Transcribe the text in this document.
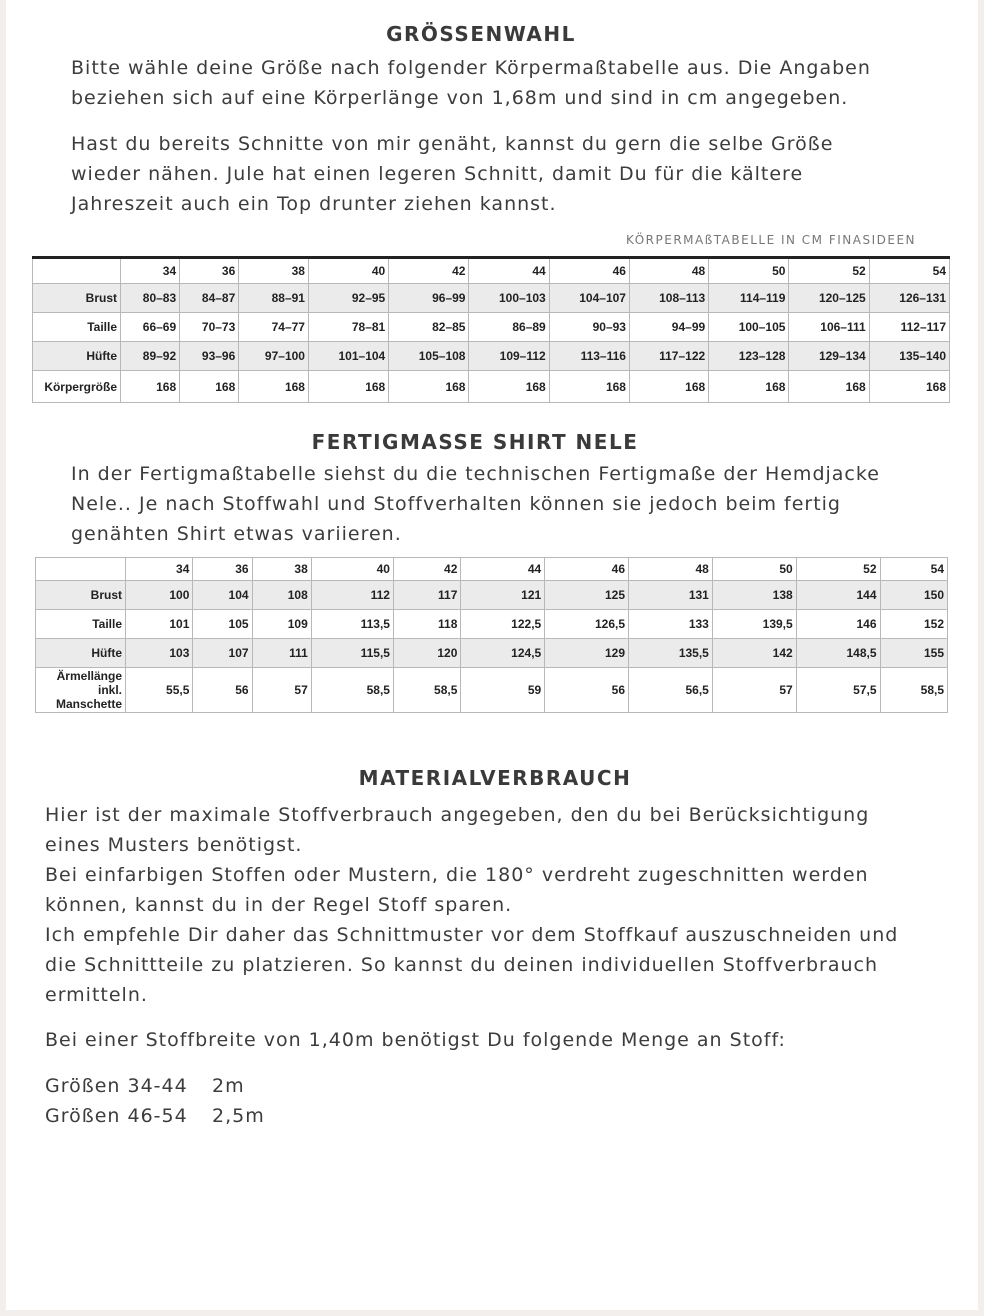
GRÖSSENWAHL

Bitte wähle deine Größe nach folgender Körpermaßtabelle aus. Die Angaben
beziehen sich auf eine Körperlänge von 1,68m und sind in cm angegeben.

Hast du bereits Schnitte von mir genäht, kannst du gern die selbe Größe
wieder nähen. Jule hat einen legeren Schnitt, damit Du für die kältere
Jahreszeit auch ein Top drunter ziehen kannst.

KÖRPERMAßTABELLE IN CM FINASIDEEN
	34	36	38	40	42	44	46	48	50	52	54
Brust	80–83	84–87	88–91	92–95	96–99	100–103	104–107	108–113	114–119	120–125	126–131
Taille	66–69	70–73	74–77	78–81	82–85	86–89	90–93	94–99	100–105	106–111	112–117
Hüfte	89–92	93–96	97–100	101–104	105–108	109–112	113–116	117–122	123–128	129–134	135–140
Körpergröße	168	168	168	168	168	168	168	168	168	168	168
FERTIGMASSE SHIRT NELE

In der Fertigmaßtabelle siehst du die technischen Fertigmaße der Hemdjacke
Nele.. Je nach Stoffwahl und Stoffverhalten können sie jedoch beim fertig
genähten Shirt etwas variieren.

	34	36	38	40	42	44	46	48	50	52	54
Brust	100	104	108	112	117	121	125	131	138	144	150
Taille	101	105	109	113,5	118	122,5	126,5	133	139,5	146	152
Hüfte	103	107	111	115,5	120	124,5	129	135,5	142	148,5	155
Ärmellänge
inkl.
Manschette	55,5	56	57	58,5	58,5	59	56	56,5	57	57,5	58,5
MATERIALVERBRAUCH

Hier ist der maximale Stoffverbrauch angegeben, den du bei Berücksichtigung
eines Musters benötigst.
Bei einfarbigen Stoffen oder Mustern, die 180° verdreht zugeschnitten werden
können, kannst du in der Regel Stoff sparen.
Ich empfehle Dir daher das Schnittmuster vor dem Stoffkauf auszuschneiden und
die Schnittteile zu platzieren. So kannst du deinen individuellen Stoffverbrauch
ermitteln.

Bei einer Stoffbreite von 1,40m benötigst Du folgende Menge an Stoff:

Größen 34-44 2m

Größen 46-54 2,5m
